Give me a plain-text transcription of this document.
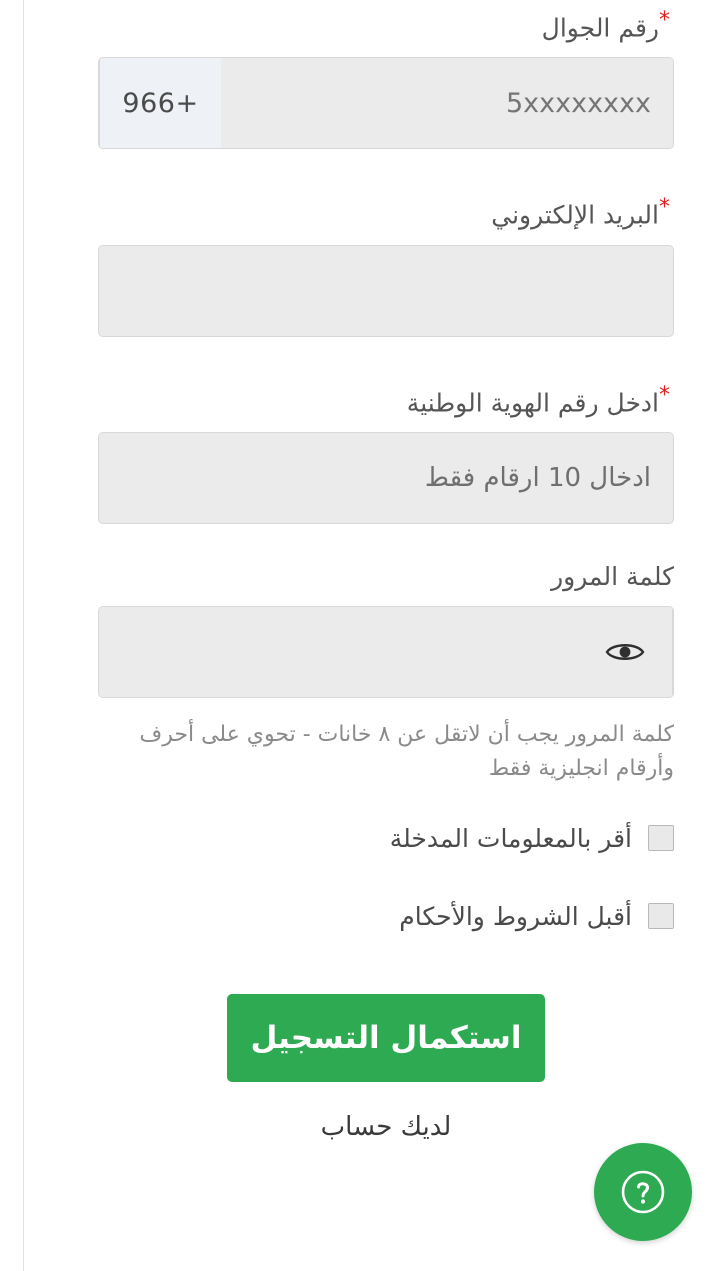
*رقم الجوال
+966
5xxxxxxxx
*البريد الإلكتروني
*ادخل رقم الهوية الوطنية
ادخال 10 ارقام فقط
كلمة المرور
كلمة المرور يجب أن لاتقل عن ٨ خانات - تحوي على أحرف وأرقام انجليزية فقط
أقر بالمعلومات المدخلة
أقبل الشروط والأحكام
استكمال التسجيل
لديك حساب
